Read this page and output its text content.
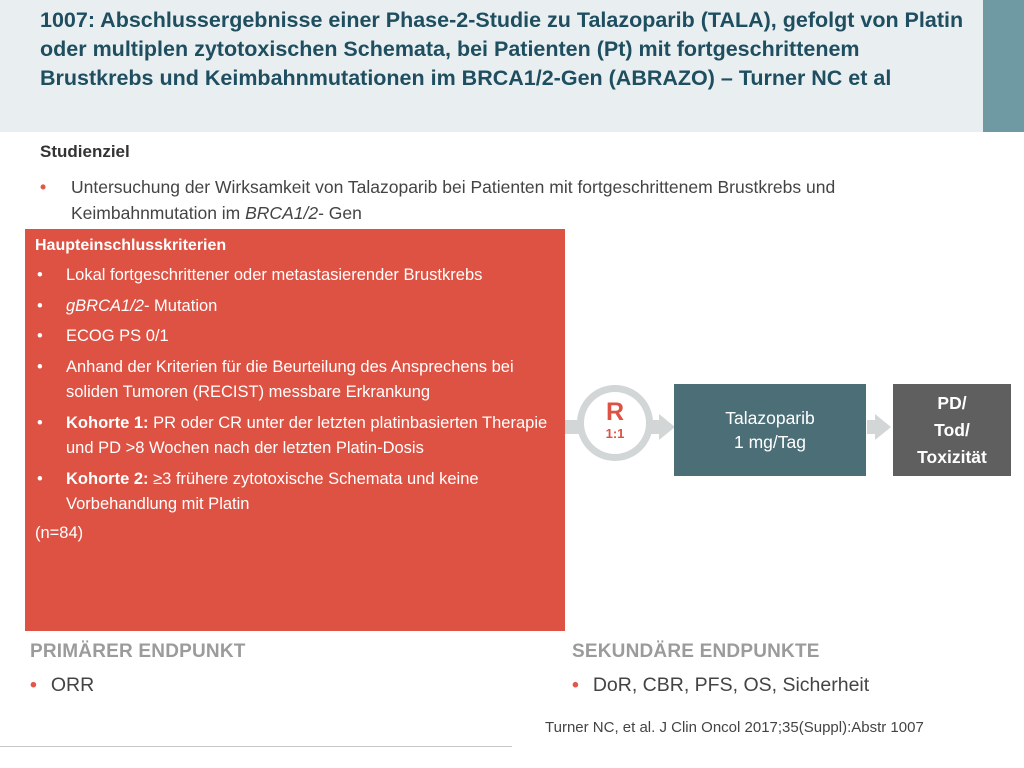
1007: Abschlussergebnisse einer Phase-2-Studie zu Talazoparib (TALA), gefolgt von Platin oder multiplen zytotoxischen Schemata, bei Patienten (Pt) mit fortgeschrittenem Brustkrebs und Keimbahnmutationen im BRCA1/2-Gen (ABRAZO) – Turner NC et al
Studienziel
• Untersuchung der Wirksamkeit von Talazoparib bei Patienten mit fortgeschrittenem Brustkrebs und Keimbahnmutation im BRCA1/2- Gen
Haupteinschlusskriterien
• Lokal fortgeschrittener oder metastasierender Brustkrebs
• gBRCA1/2- Mutation
• ECOG PS 0/1
• Anhand der Kriterien für die Beurteilung des Ansprechens bei soliden Tumoren (RECIST) messbare Erkrankung
• Kohorte 1: PR oder CR unter der letzten platinbasierten Therapie und PD >8 Wochen nach der letzten Platin-Dosis
• Kohorte 2: ≥3 frühere zytotoxische Schemata und keine Vorbehandlung mit Platin
(n=84)
R
1:1
Talazoparib
1 mg/Tag
PD/
Tod/
Toxizität
PRIMÄRER ENDPUNKT
• ORR
SEKUNDÄRE ENDPUNKTE
• DoR, CBR, PFS, OS, Sicherheit
Turner NC, et al. J Clin Oncol 2017;35(Suppl):Abstr 1007
